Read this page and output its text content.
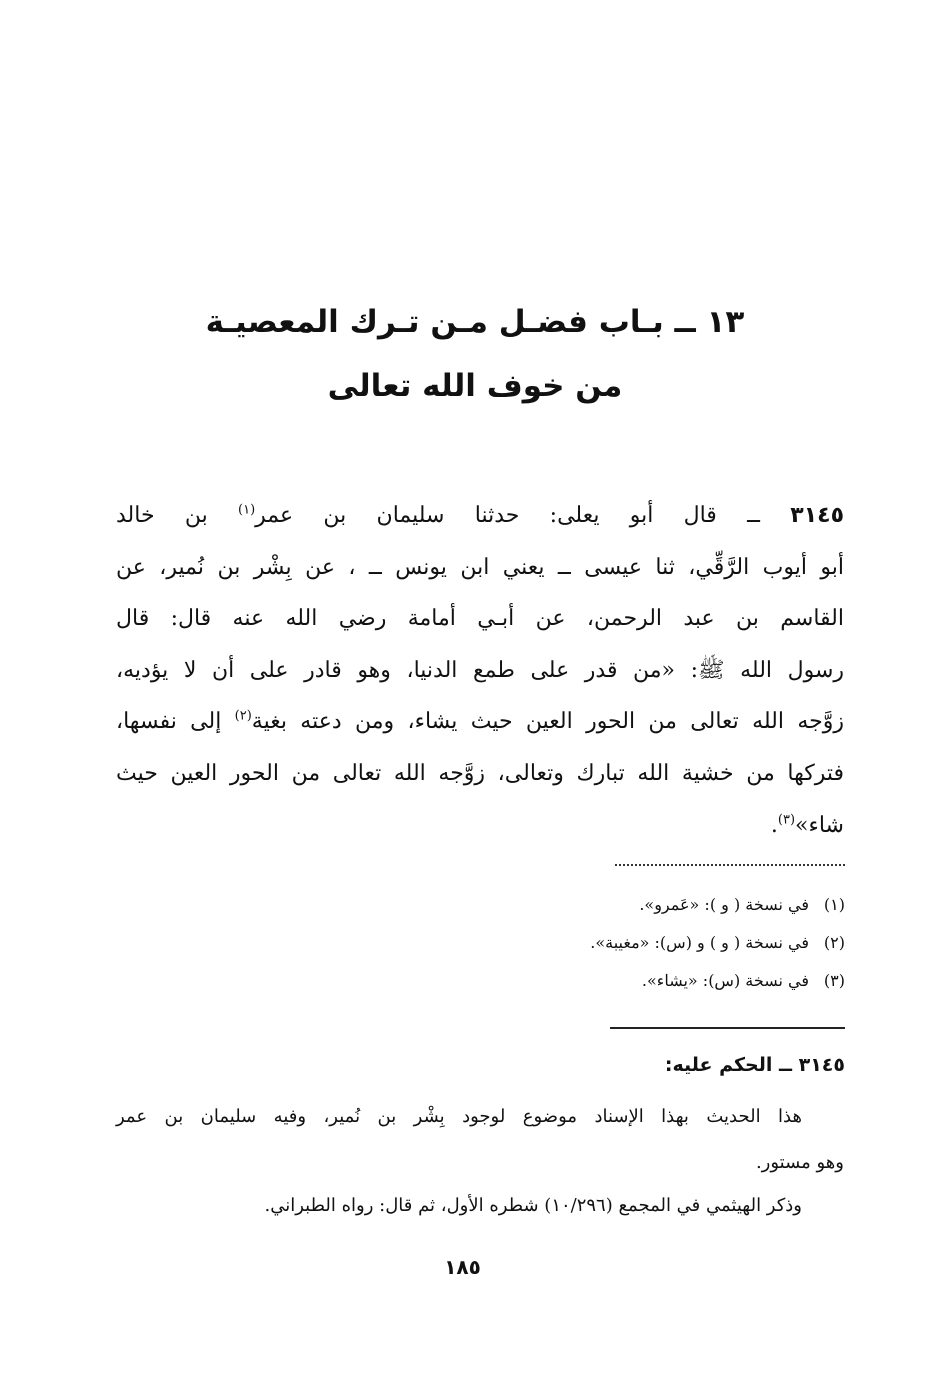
١٣ ــ بـاب فضـل مـن تـرك المعصيـة
من خوف الله تعالى
٣١٤٥ ــ قال أبو يعلى: حدثنا سليمان بن عمر$^{(١)}$ بن خالد
أبو أيوب الرَّقِّي، ثنا عيسى ــ يعني ابن يونس ــ ، عن بِشْر بن نُمير، عن
القاسم بن عبد الرحمن، عن أبـي أمامة رضي الله عنه قال: قال
رسول الله ﷺ: «من قدر على طمع الدنيا، وهو قادر على أن لا يؤديه،
زوَّجه الله تعالى من الحور العين حيث يشاء، ومن دعته بغية$^{(٢)}$ إلى نفسها،
فتركها من خشية الله تبارك وتعالى، زوَّجه الله تعالى من الحور العين حيث
شاء»$^{(٣)}$.
(١)في نسخة ( و ): «عَمرو».
(٢)في نسخة ( و ) و (س): «مغيبة».
(٣)في نسخة (س): «يشاء».
٣١٤٥ ــ الحكم عليه:
هذا الحديث بهذا الإسناد موضوع لوجود بِشْر بن نُمير، وفيه سليمان بن عمر
وهو مستور.

وذكر الهيثمي في المجمع (١٠/٢٩٦) شطره الأول، ثم قال: رواه الطبراني.

١٨٥
